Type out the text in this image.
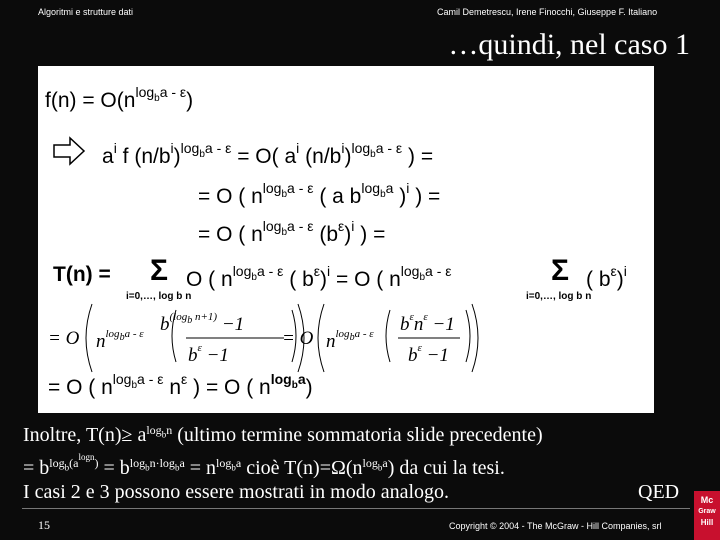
Algoritmi e strutture dati	Camil Demetrescu, Irene Finocchi, Giuseppe F. Italiano
…quindi, nel caso 1
$f(n) = O(n^{log_ba - \varepsilon})$
$a^i$ f $(n/b^i)^{log_ba - \varepsilon} = O$( $a^i$ $(n/b^i)^{log_ba - \varepsilon}$ ) =
= O ( $n^{log_ba - \varepsilon}$ ( a $b^{log_ba}$ )$^i$ ) =
= O ( $n^{log_ba - \varepsilon}$ $(b^\varepsilon)^i$ ) =
T(n) = Σ O ( $n^{log_ba - \varepsilon}$ ( $b^\varepsilon)^i = O$ ( $n^{log_ba - \varepsilon}$	Σ ( $b^\varepsilon)^i$
i=0,…, log b n	i=0,…, log b n
= O $n^{log_ba - \varepsilon}$ $b^{(log_b n+1)} -1$
$b^\varepsilon -1$
= O $n^{log_ba - \varepsilon}$ $b^\varepsilon n^\varepsilon -1$
$b^\varepsilon -1$
= O ( $n^{log_ba - \varepsilon}$ $n^\varepsilon$ ) = O ( $n^{log_ba}$)
Inoltre, $T(n)\ge a^{log_bn}$ (ultimo termine sommatoria slide precedente)
= $b^{log_b(a^{logn})} = b^{log_bn\cdot log_ba} = n^{log_ba}$ cioè $T(n)=\Omega(n^{log_ba})$ da cui la tesi.
I casi 2 e 3 possono essere mostrati in modo analogo.	QED
15	Copyright © 2004 - The McGraw - Hill Companies, srl
Mc
Graw
Hill
